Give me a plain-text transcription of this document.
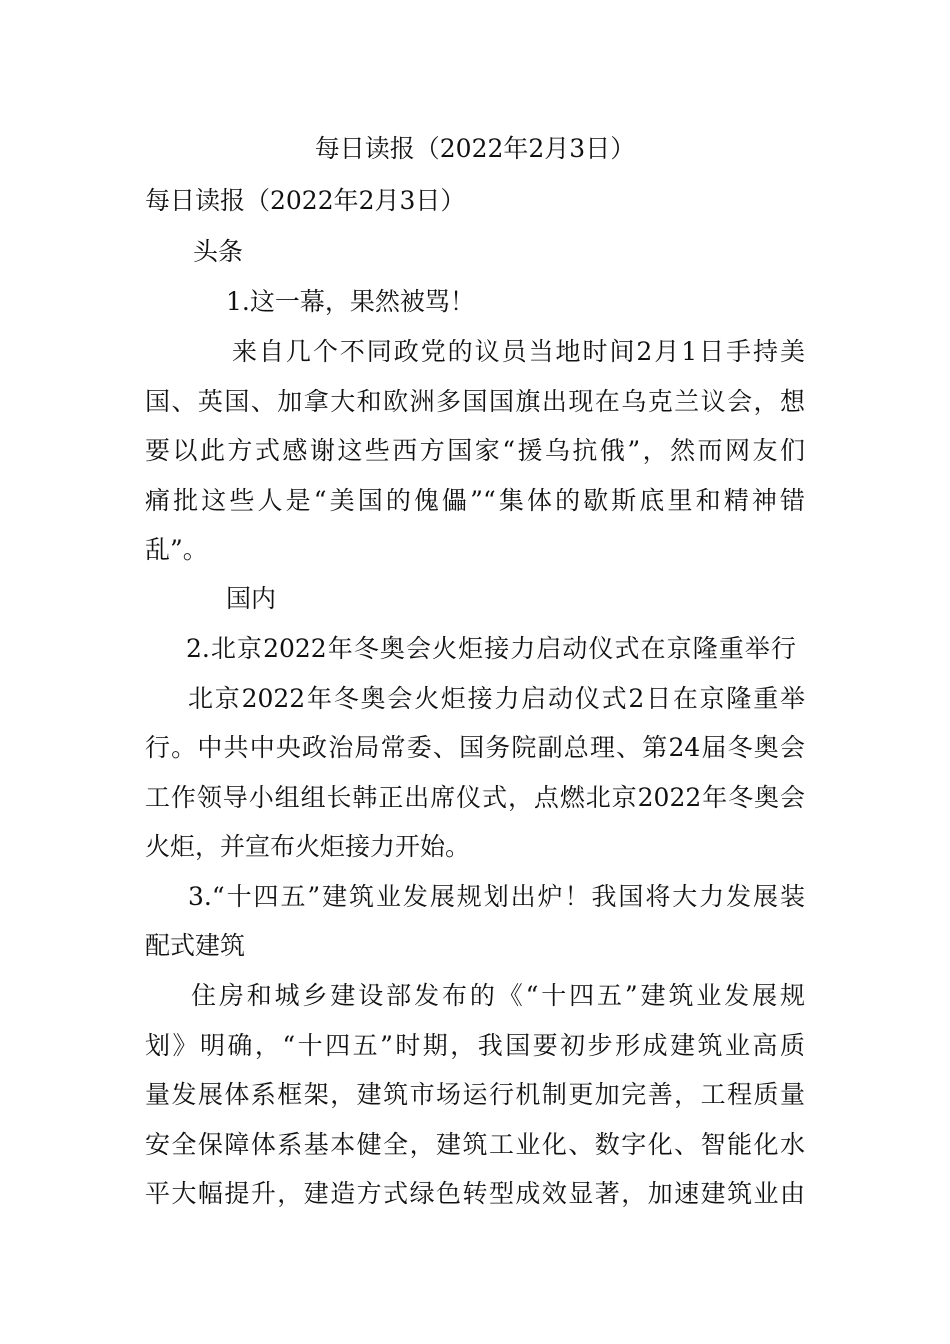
每日读报（2022年2月3日）
每日读报（2022年2月3日）
头条
1.这一幕，果然被骂！
来自几个不同政党的议员当地时间2月1日手持美
国、英国、加拿大和欧洲多国国旗出现在乌克兰议会，想
要以此方式感谢这些西方国家“援乌抗俄”，然而网友们
痛批这些人是“美国的傀儡”“集体的歇斯底里和精神错
乱”。
国内
2.北京2022年冬奥会火炬接力启动仪式在京隆重举行
北京2022年冬奥会火炬接力启动仪式2日在京隆重举
行。中共中央政治局常委、国务院副总理、第24届冬奥会
工作领导小组组长韩正出席仪式，点燃北京2022年冬奥会
火炬，并宣布火炬接力开始。
3.“十四五”建筑业发展规划出炉！我国将大力发展装
配式建筑
住房和城乡建设部发布的《“十四五”建筑业发展规
划》明确，“十四五”时期，我国要初步形成建筑业高质
量发展体系框架，建筑市场运行机制更加完善，工程质量
安全保障体系基本健全，建筑工业化、数字化、智能化水
平大幅提升，建造方式绿色转型成效显著，加速建筑业由
